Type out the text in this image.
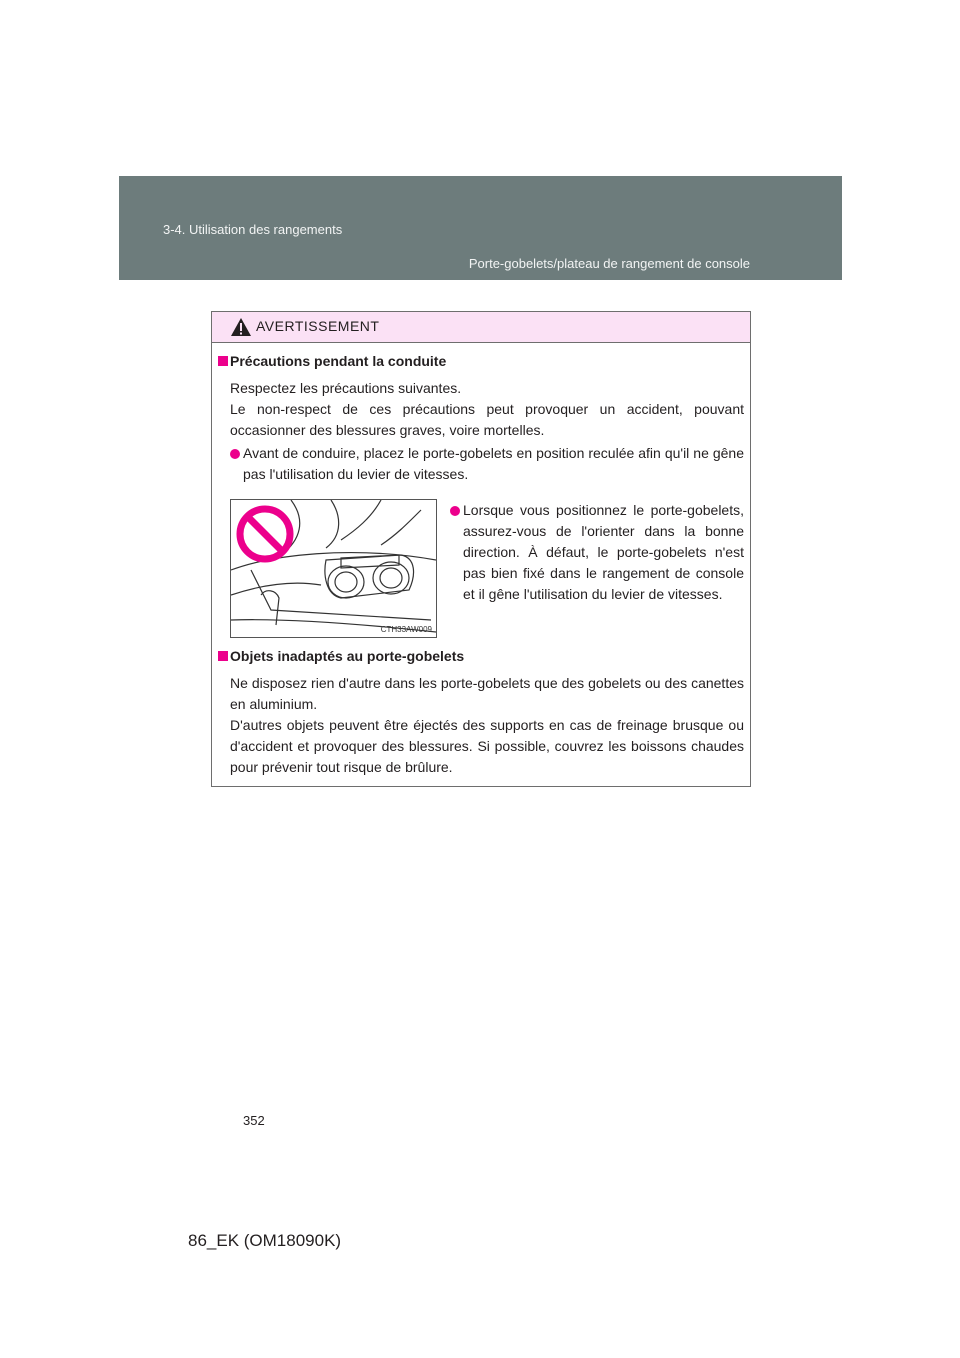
3-4. Utilisation des rangements
Porte-gobelets/plateau de rangement de console
AVERTISSEMENT
Précautions pendant la conduite
Respectez les précautions suivantes.
Le non-respect de ces précautions peut provoquer un accident, pouvant occasionner des blessures graves, voire mortelles.
Avant de conduire, placez le porte-gobelets en position reculée afin qu'il ne gêne pas l'utilisation du levier de vitesses.
CTH33AW009
Lorsque vous positionnez le porte-gobelets, assurez-vous de l'orienter dans la bonne direction. À défaut, le porte-gobelets n'est pas bien fixé dans le rangement de console et il gêne l'utilisation du levier de vitesses.
Objets inadaptés au porte-gobelets
Ne disposez rien d'autre dans les porte-gobelets que des gobelets ou des canettes en aluminium.
D'autres objets peuvent être éjectés des supports en cas de freinage brusque ou d'accident et provoquer des blessures. Si possible, couvrez les boissons chaudes pour prévenir tout risque de brûlure.
352
86_EK (OM18090K)
